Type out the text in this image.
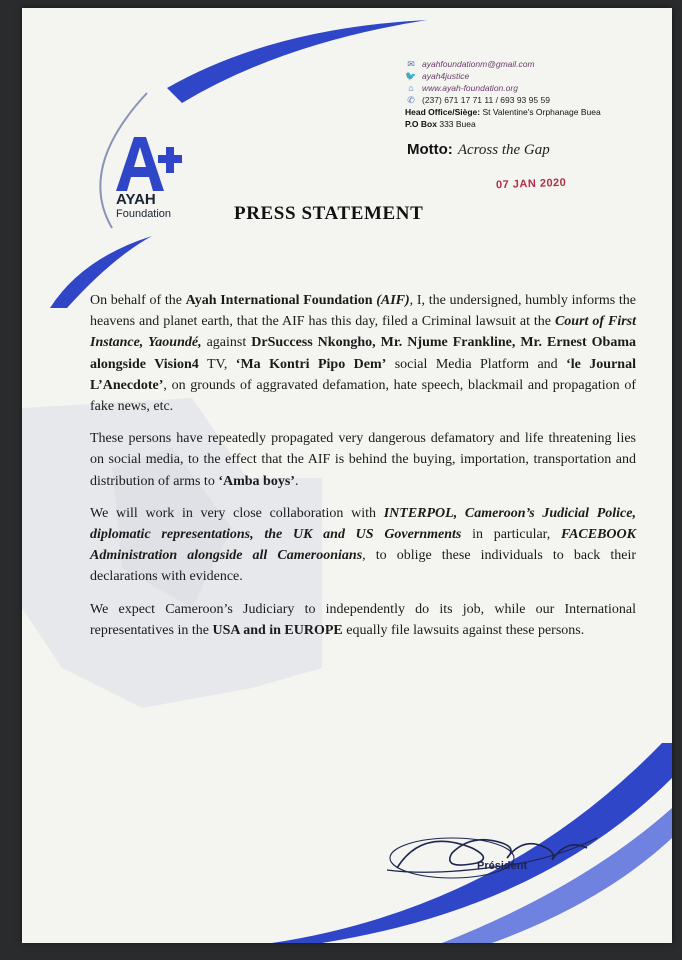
AYAH
Foundation
✉ ayahfoundationm@gmail.com
🐦 ayah4justice
⌂ www.ayah-foundation.org
✆ (237) 671 17 71 11 / 693 93 95 59
Head Office/Siège: St Valentine's Orphanage Buea
P.O Box 333 Buea
Motto: Across the Gap
07 JAN 2020
PRESS STATEMENT

On behalf of the Ayah International Foundation (AIF), I, the undersigned, humbly informs the heavens and planet earth, that the AIF has this day, filed a Criminal lawsuit at the Court of First Instance, Yaoundé, against DrSuccess Nkongho, Mr. Njume Frankline, Mr. Ernest Obama alongside Vision4 TV, ‘Ma Kontri Pipo Dem’ social Media Platform and ‘le Journal L’Anecdote’, on grounds of aggravated defamation, hate speech, blackmail and propagation of fake news, etc.

These persons have repeatedly propagated very dangerous defamatory and life threatening lies on social media, to the effect that the AIF is behind the buying, importation, transportation and distribution of arms to ‘Amba boys’.

We will work in very close collaboration with INTERPOL, Cameroon’s Judicial Police, diplomatic representations, the UK and US Governments in particular, FACEBOOK Administration alongside all Cameroonians, to oblige these individuals to back their declarations with evidence.

We expect Cameroon’s Judiciary to independently do its job, while our International representatives in the USA and in EUROPE equally file lawsuits against these persons.

Président
